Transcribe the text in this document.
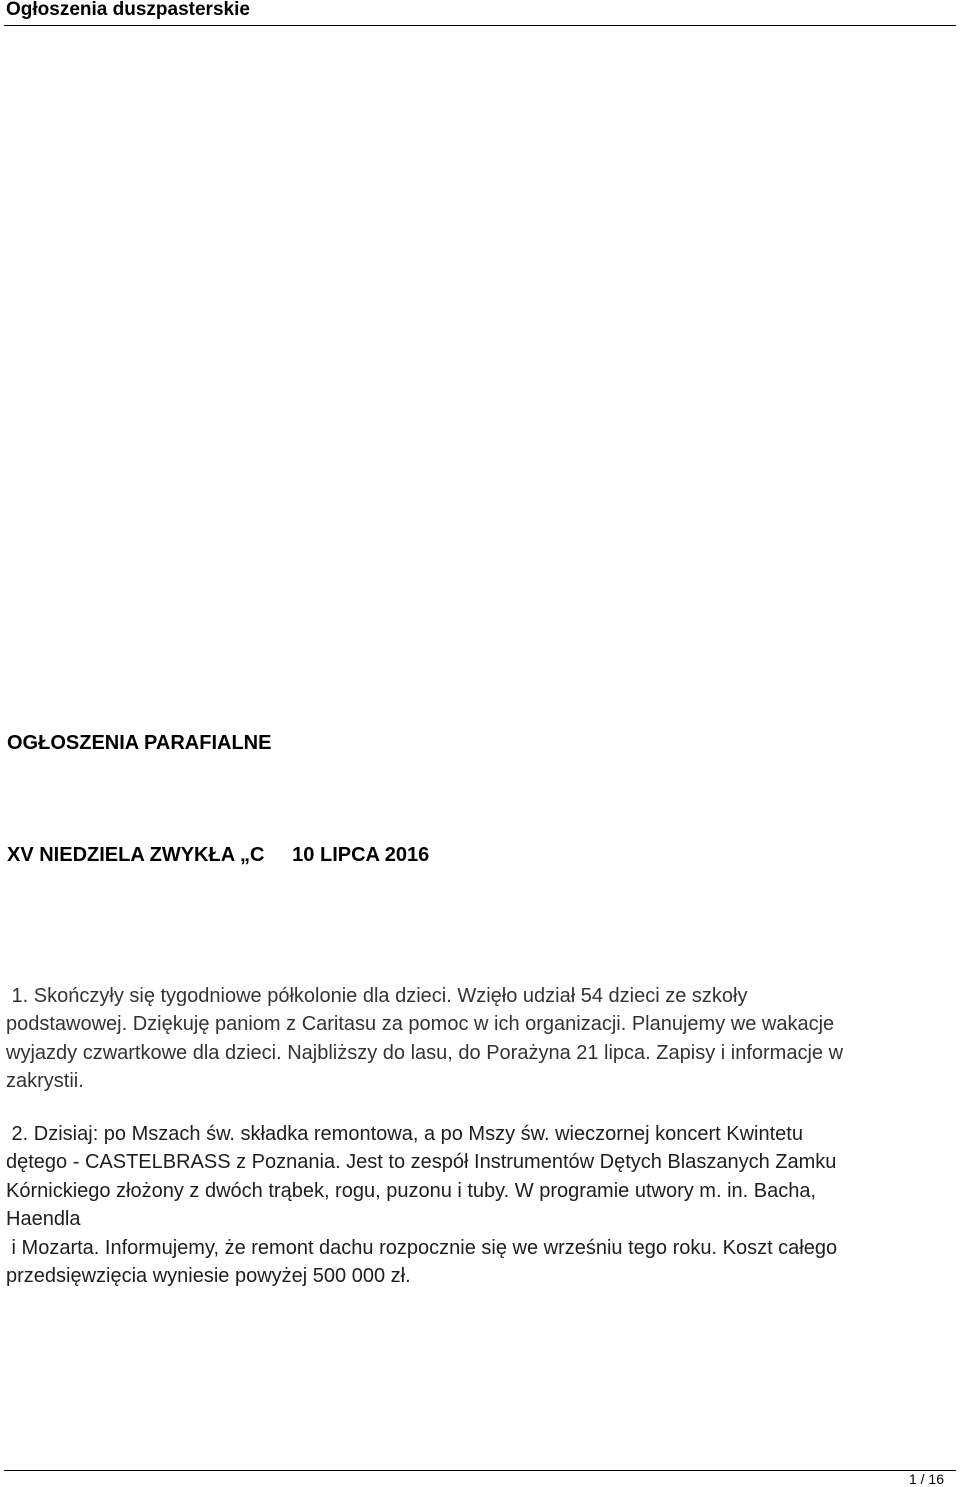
Ogłoszenia duszpasterskie
OGŁOSZENIA PARAFIALNE
XV NIEDZIELA ZWYKŁA „C     10 LIPCA 2016

1. Skończyły się tygodniowe półkolonie dla dzieci. Wzięło udział 54 dzieci ze szkoły
podstawowej. Dziękuję paniom z Caritasu za pomoc w ich organizacji. Planujemy we wakacje
wyjazdy czwartkowe dla dzieci. Najbliższy do lasu, do Porażyna 21 lipca. Zapisy i informacje w
zakrystii.

2. Dzisiaj: po Mszach św. składka remontowa, a po Mszy św. wieczornej koncert Kwintetu
dętego - CASTELBRASS z Poznania. Jest to zespół Instrumentów Dętych Blaszanych Zamku
Kórnickiego złożony z dwóch trąbek, rogu, puzonu i tuby. W programie utwory m. in. Bacha,
Haendla
i Mozarta. Informujemy, że remont dachu rozpocznie się we wrześniu tego roku. Koszt całego
przedsięwzięcia wyniesie powyżej 500 000 zł.

1 / 16
